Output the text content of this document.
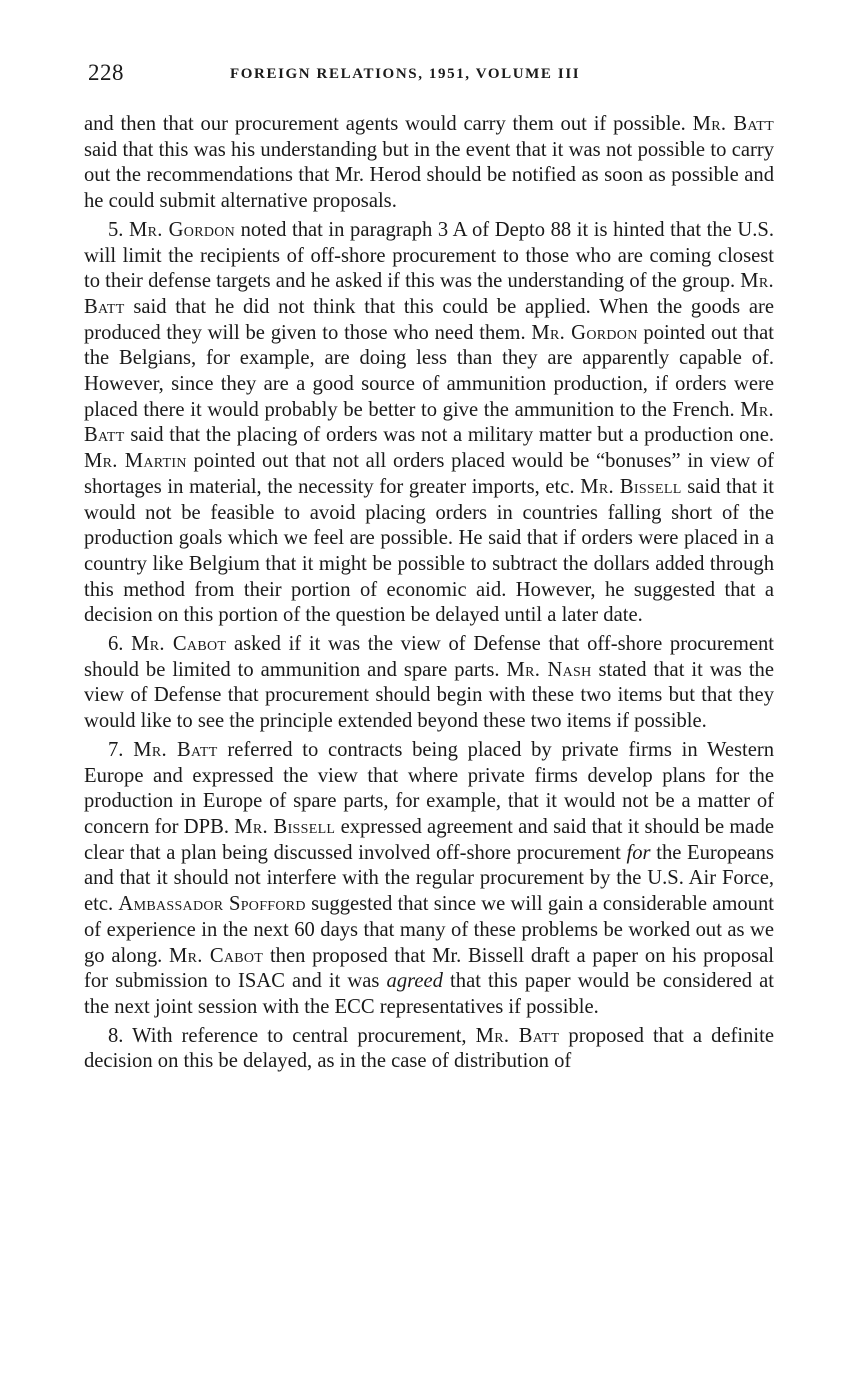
228	FOREIGN RELATIONS, 1951, VOLUME III

and then that our procurement agents would carry them out if possible. Mr. Batt said that this was his understanding but in the event that it was not possible to carry out the recommendations that Mr. Herod should be notified as soon as possible and he could submit alternative proposals.

5. Mr. Gordon noted that in paragraph 3 A of Depto 88 it is hinted that the U.S. will limit the recipients of off-shore procurement to those who are coming closest to their defense targets and he asked if this was the understanding of the group. Mr. Batt said that he did not think that this could be applied. When the goods are produced they will be given to those who need them. Mr. Gordon pointed out that the Belgians, for example, are doing less than they are apparently capable of. However, since they are a good source of ammunition production, if orders were placed there it would probably be better to give the ammunition to the French. Mr. Batt said that the placing of orders was not a military matter but a production one. Mr. Martin pointed out that not all orders placed would be “bonuses” in view of shortages in material, the necessity for greater imports, etc. Mr. Bissell said that it would not be feasible to avoid placing orders in countries falling short of the production goals which we feel are possible. He said that if orders were placed in a country like Belgium that it might be possible to subtract the dollars added through this method from their portion of economic aid. However, he suggested that a decision on this portion of the question be delayed until a later date.

6. Mr. Cabot asked if it was the view of Defense that off-shore procurement should be limited to ammunition and spare parts. Mr. Nash stated that it was the view of Defense that procurement should begin with these two items but that they would like to see the principle extended beyond these two items if possible.

7. Mr. Batt referred to contracts being placed by private firms in Western Europe and expressed the view that where private firms develop plans for the production in Europe of spare parts, for example, that it would not be a matter of concern for DPB. Mr. Bissell expressed agreement and said that it should be made clear that a plan being discussed involved off-shore procurement for the Europeans and that it should not interfere with the regular procurement by the U.S. Air Force, etc. Ambassador Spofford suggested that since we will gain a considerable amount of experience in the next 60 days that many of these problems be worked out as we go along. Mr. Cabot then proposed that Mr. Bissell draft a paper on his proposal for submission to ISAC and it was agreed that this paper would be considered at the next joint session with the ECC representatives if possible.

8. With reference to central procurement, Mr. Batt proposed that a definite decision on this be delayed, as in the case of distribution of
